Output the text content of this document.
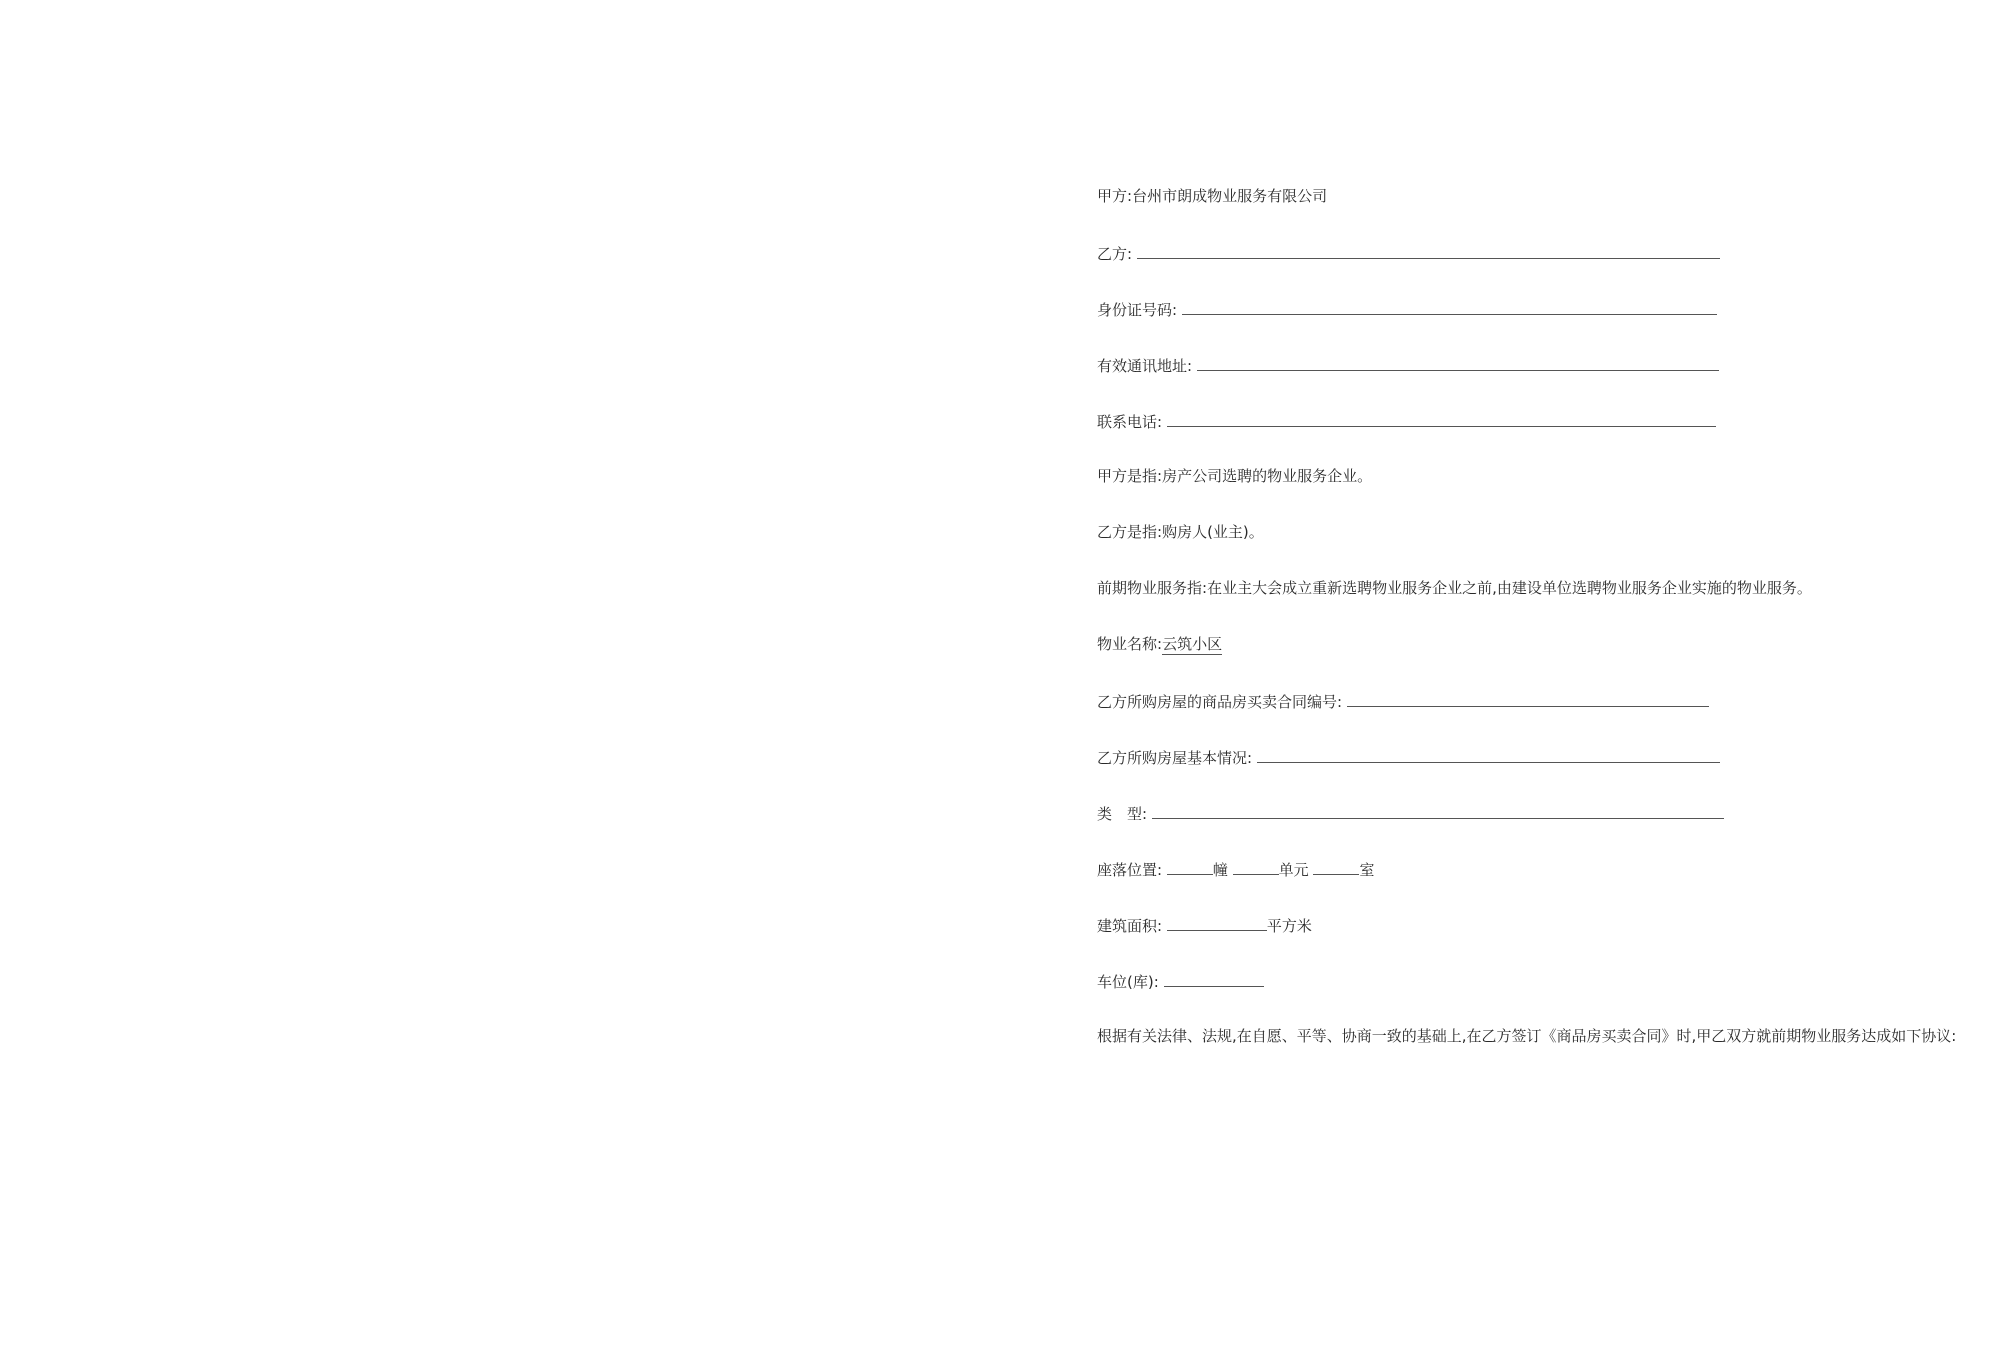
甲方:台州市朗成物业服务有限公司
乙方:
身份证号码:
有效通讯地址:
联系电话:
甲方是指:房产公司选聘的物业服务企业。
乙方是指:购房人(业主)。
前期物业服务指:在业主大会成立重新选聘物业服务企业之前,由建设单位选聘物业服务企业实施的物业服务。
物业名称:云筑小区
乙方所购房屋的商品房买卖合同编号:
乙方所购房屋基本情况:
类　型:
座落位置:	幢	单元	室
建筑面积:	平方米
车位(库):
根据有关法律、法规,在自愿、平等、协商一致的基础上,在乙方签订《商品房买卖合同》时,甲乙双方就前期物业服务达成如下协议:
